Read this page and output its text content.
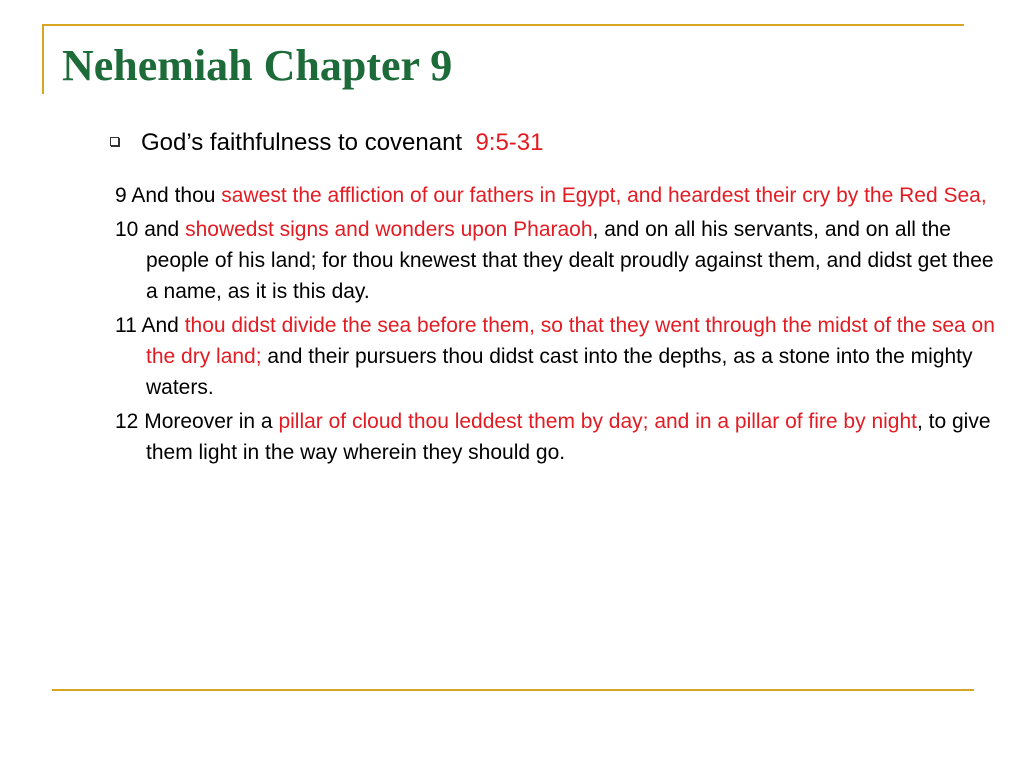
Nehemiah Chapter 9
God’s faithfulness to covenant 9:5-31

9 And thou sawest the affliction of our fathers in Egypt, and heardest their cry by the Red Sea,

10 and showedst signs and wonders upon Pharaoh, and on all his servants, and on all the people of his land; for thou knewest that they dealt proudly against them, and didst get thee a name, as it is this day.

11 And thou didst divide the sea before them, so that they went through the midst of the sea on the dry land; and their pursuers thou didst cast into the depths, as a stone into the mighty waters.

12 Moreover in a pillar of cloud thou leddest them by day; and in a pillar of fire by night, to give them light in the way wherein they should go.
